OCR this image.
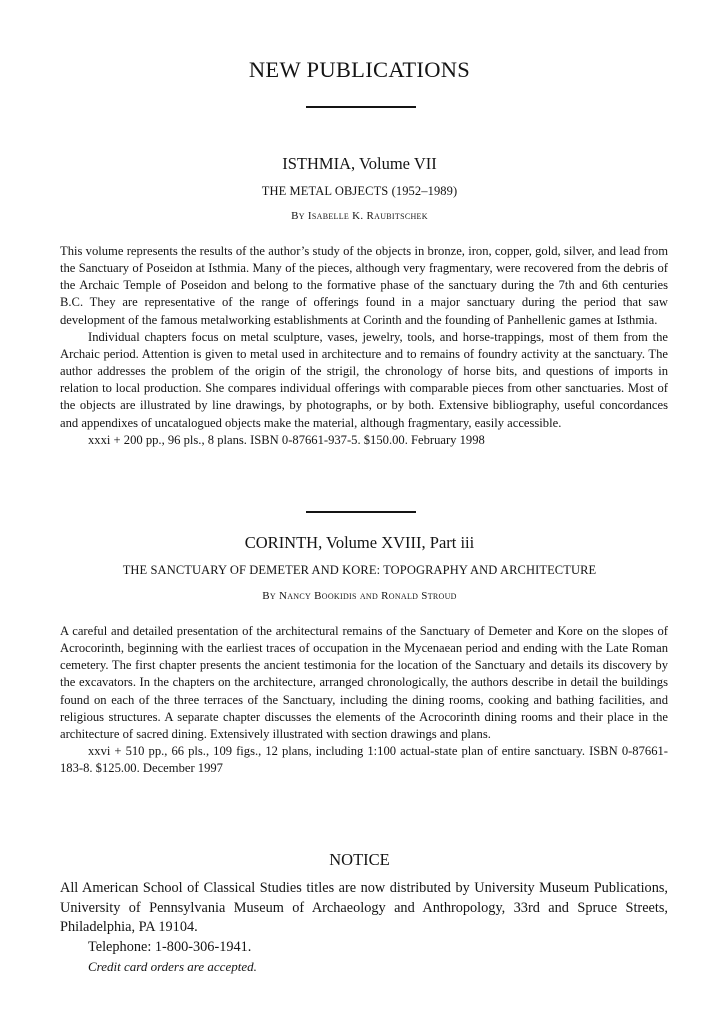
NEW PUBLICATIONS
ISTHMIA, Volume VII
THE METAL OBJECTS (1952–1989)
By Isabelle K. Raubitschek

This volume represents the results of the author’s study of the objects in bronze, iron, copper, gold, silver, and lead from the Sanctuary of Poseidon at Isthmia. Many of the pieces, although very fragmentary, were recovered from the debris of the Archaic Temple of Poseidon and belong to the formative phase of the sanctuary during the 7th and 6th centuries B.C. They are representative of the range of offerings found in a major sanctuary during the period that saw development of the famous metalworking establishments at Corinth and the founding of Panhellenic games at Isthmia.

Individual chapters focus on metal sculpture, vases, jewelry, tools, and horse-trappings, most of them from the Archaic period. Attention is given to metal used in architecture and to remains of foundry activity at the sanctuary. The author addresses the problem of the origin of the strigil, the chronology of horse bits, and questions of imports in relation to local production. She compares individual offerings with comparable pieces from other sanctuaries. Most of the objects are illustrated by line drawings, by photographs, or by both. Extensive bibliography, useful concordances and appendixes of uncatalogued objects make the material, although fragmentary, easily accessible.

xxxi + 200 pp., 96 pls., 8 plans. ISBN 0-87661-937-5. $150.00. February 1998

CORINTH, Volume XVIII, Part iii
THE SANCTUARY OF DEMETER AND KORE: TOPOGRAPHY AND ARCHITECTURE
By Nancy Bookidis and Ronald Stroud

A careful and detailed presentation of the architectural remains of the Sanctuary of Demeter and Kore on the slopes of Acrocorinth, beginning with the earliest traces of occupation in the Mycenaean period and ending with the Late Roman cemetery. The first chapter presents the ancient testimonia for the location of the Sanctuary and details its discovery by the excavators. In the chapters on the architecture, arranged chronologically, the authors describe in detail the buildings found on each of the three terraces of the Sanctuary, including the dining rooms, cooking and bathing facilities, and religious structures. A separate chapter discusses the elements of the Acrocorinth dining rooms and their place in the architecture of sacred dining. Extensively illustrated with section drawings and plans.

xxvi + 510 pp., 66 pls., 109 figs., 12 plans, including 1:100 actual-state plan of entire sanctuary. ISBN 0-87661-183-8. $125.00. December 1997

NOTICE

All American School of Classical Studies titles are now distributed by University Museum Publications, University of Pennsylvania Museum of Archaeology and Anthropology, 33rd and Spruce Streets, Philadelphia, PA 19104.

Telephone: 1-800-306-1941.

Credit card orders are accepted.
